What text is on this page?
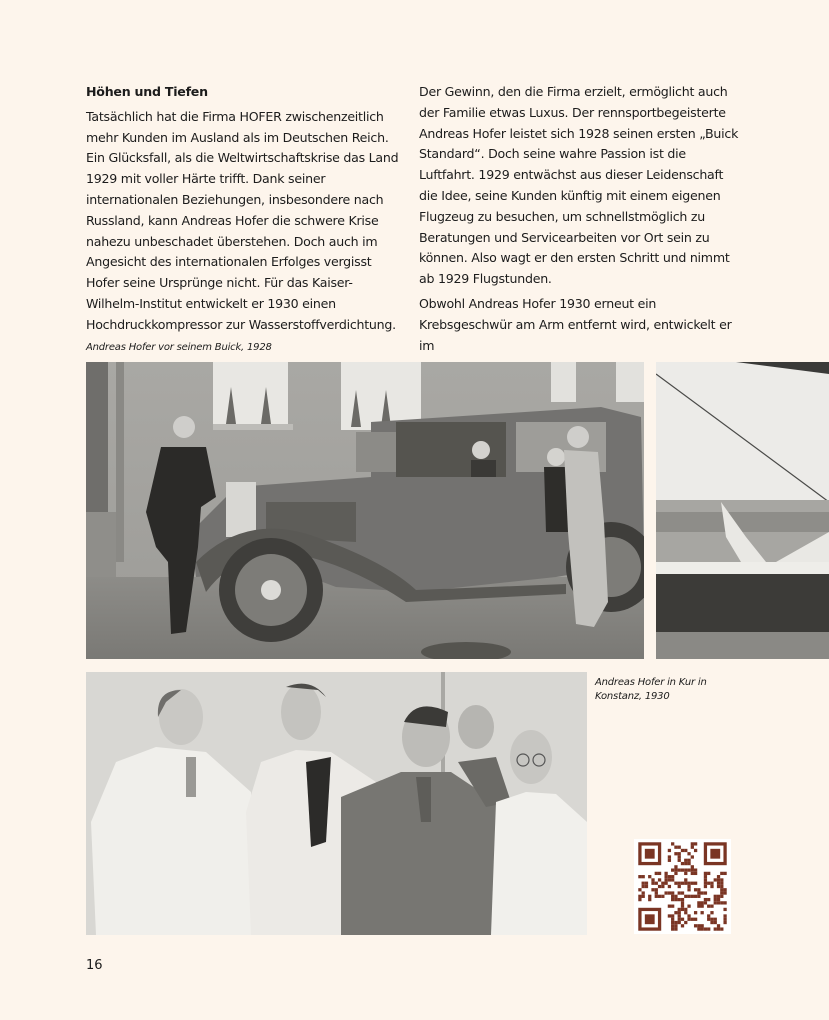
Höhen und Tiefen

Tatsächlich hat die Firma HOFER zwischenzeitlich mehr Kunden im Ausland als im Deutschen Reich. Ein Glücksfall, als die Weltwirtschaftskrise das Land 1929 mit voller Härte trifft. Dank seiner internationalen Beziehungen, insbesondere nach Russland, kann Andreas Hofer die schwere Krise nahezu unbeschadet überstehen. Doch auch im Angesicht des internationalen Erfolges vergisst Hofer seine Ursprünge nicht. Für das Kaiser-Wilhelm-Institut entwickelt er 1930 einen Hochdruckkompressor zur Wasserstoffverdichtung.

Der Gewinn, den die Firma erzielt, ermöglicht auch der Familie etwas Luxus. Der rennsportbegeisterte Andreas Hofer leistet sich 1928 seinen ersten „Buick Standard“. Doch seine wahre Passion ist die Luftfahrt. 1929 entwächst aus dieser Leidenschaft die Idee, seine Kunden künftig mit einem eigenen Flugzeug zu besuchen, um schnellstmöglich zu Beratungen und Servicearbeiten vor Ort sein zu können. Also wagt er den ersten Schritt und nimmt ab 1929 Flugstunden.

Obwohl Andreas Hofer 1930 erneut ein Krebsgeschwür am Arm entfernt wird, entwickelt er im

Andreas Hofer vor seinem Buick, 1928
Andreas Hofer in Kur in Konstanz, 1930
16
